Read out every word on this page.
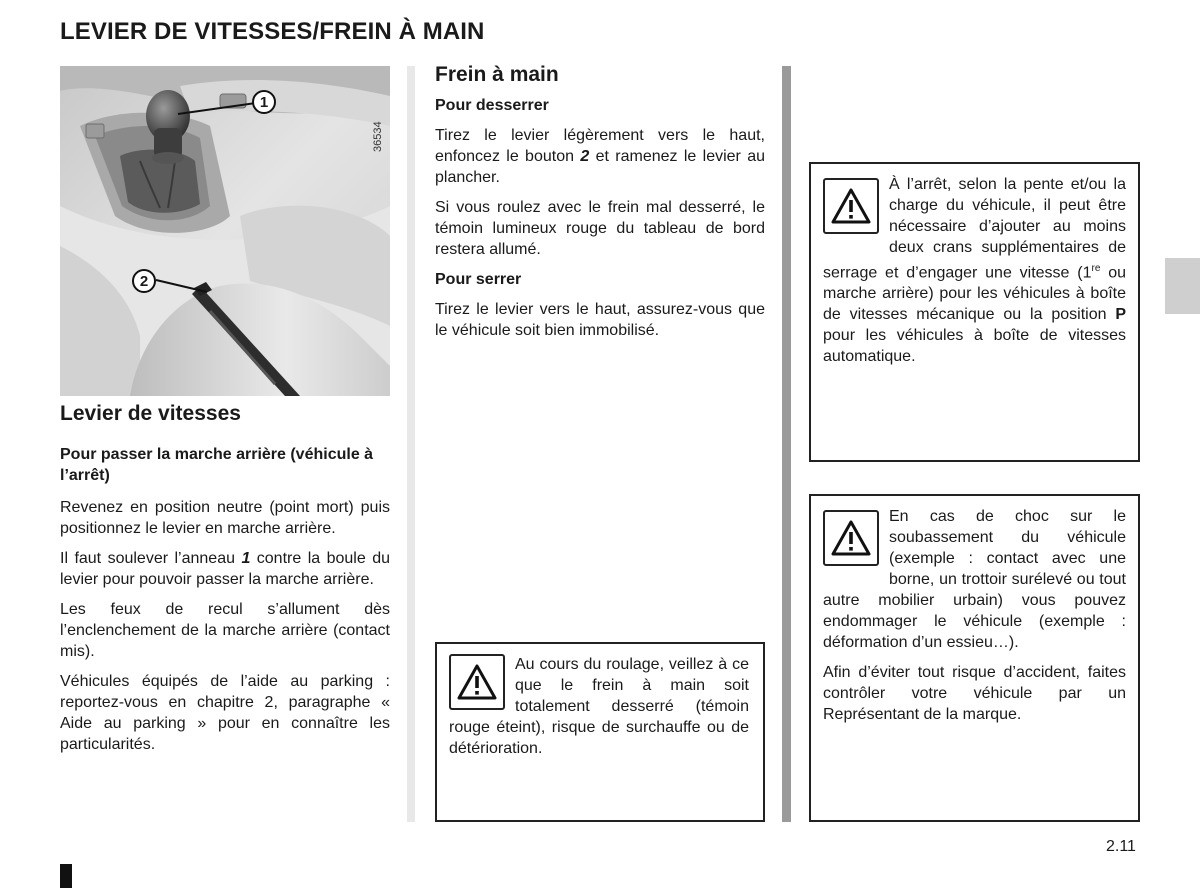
LEVIER DE VITESSES/FREIN À MAIN
1
2
36534
Levier de vitesses

Pour passer la marche arrière (véhicule à l’arrêt)

Revenez en position neutre (point mort) puis positionnez le levier en marche arrière.

Il faut soulever l’anneau 1 contre la boule du levier pour pouvoir passer la marche arrière.

Les feux de recul s’allument dès l’enclenchement de la marche arrière (contact mis).

Véhicules équipés de l’aide au parking : reportez-vous en chapitre 2, paragraphe « Aide au parking » pour en connaître les particularités.

Frein à main

Pour desserrer

Tirez le levier légèrement vers le haut, enfoncez le bouton 2 et ramenez le levier au plancher.

Si vous roulez avec le frein mal desserré, le témoin lumineux rouge du tableau de bord restera allumé.

Pour serrer

Tirez le levier vers le haut, assurez-vous que le véhicule soit bien immobilisé.

Au cours du roulage, veillez à ce que le frein à main soit totalement desserré (témoin rouge éteint), risque de surchauffe ou de détérioration.

À l’arrêt, selon la pente et/ou la charge du véhicule, il peut être nécessaire d’ajouter au moins deux crans supplémentaires de serrage et d’engager une vitesse (1re ou marche arrière) pour les véhicules à boîte de vitesses mécanique ou la position P pour les véhicules à boîte de vitesses automatique.

En cas de choc sur le soubassement du véhicule (exemple : contact avec une borne, un trottoir surélevé ou tout autre mobilier urbain) vous pouvez endommager le véhicule (exemple : déformation d’un essieu…).

Afin d’éviter tout risque d’accident, faites contrôler votre véhicule par un Représentant de la marque.

2.11
